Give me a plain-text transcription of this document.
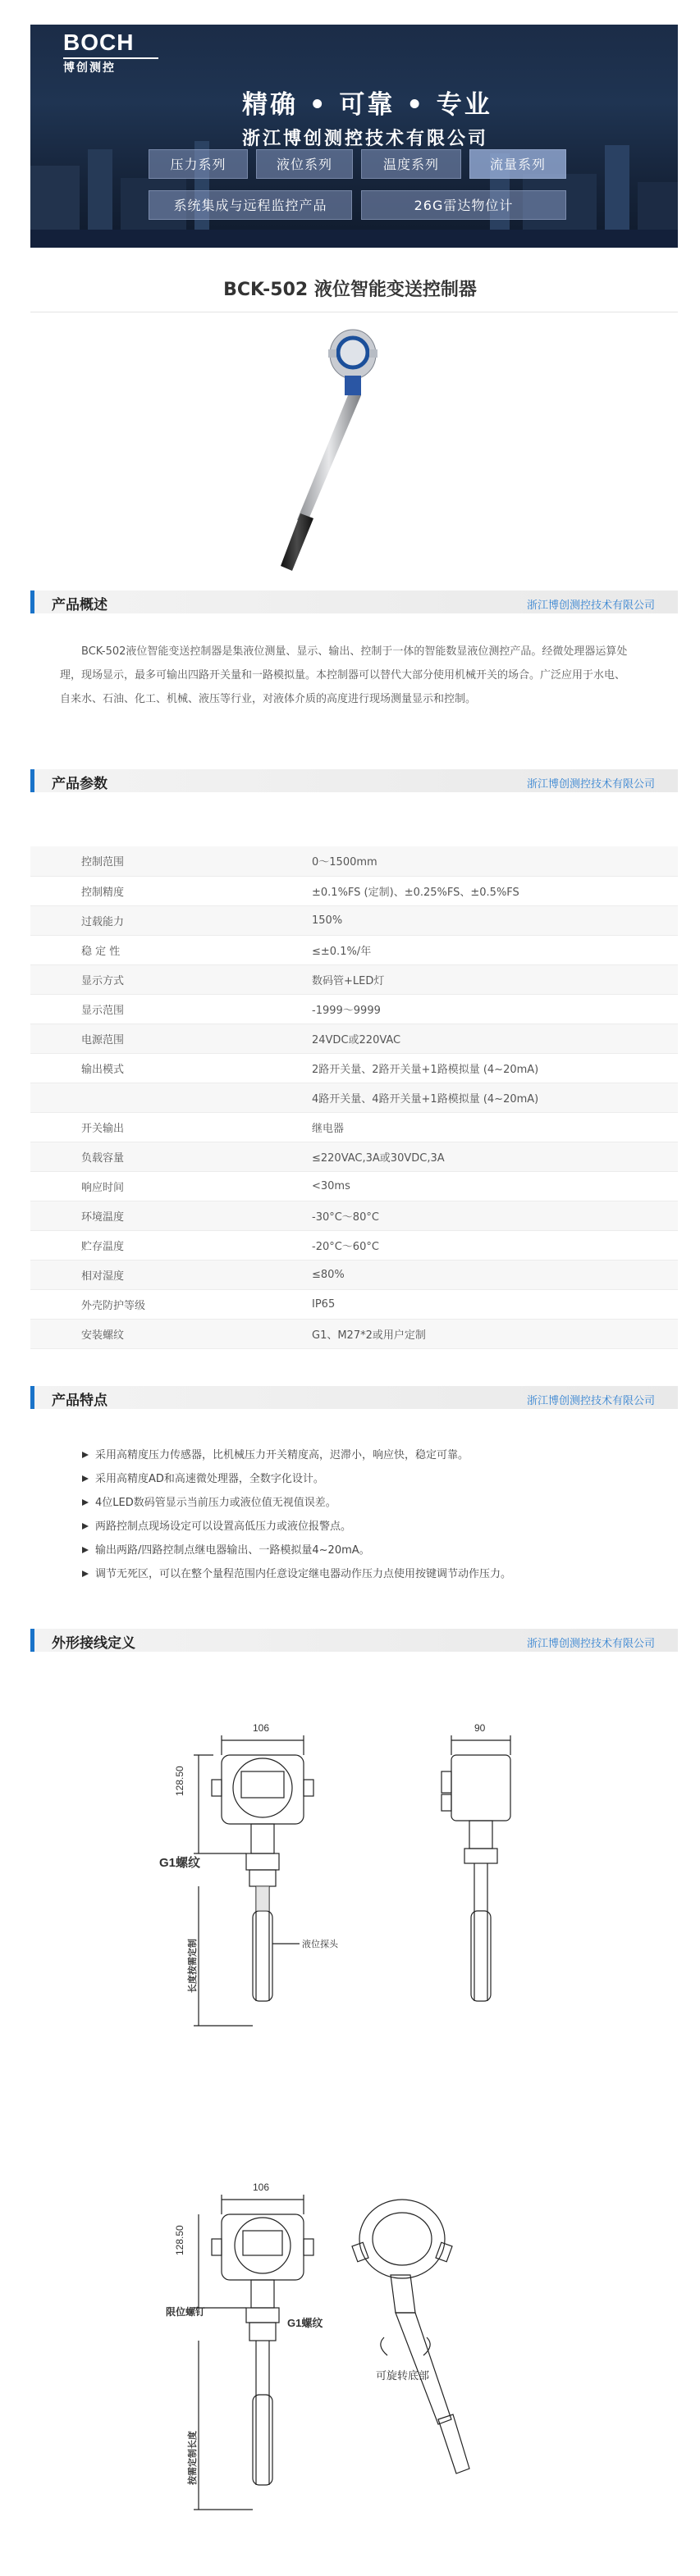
BOCH
博创测控
精确 • 可靠 • 专业
浙江博创测控技术有限公司
压力系列	液位系列	温度系列	流量系列
系统集成与远程监控产品	26G雷达物位计
BCK-502 液位智能变送控制器
产品概述	浙江博创测控技术有限公司
BCK-502液位智能变送控制器是集液位测量、显示、输出、控制于一体的智能数显液位测控产品。经微处理器运算处理，现场显示，最多可输出四路开关量和一路模拟量。本控制器可以替代大部分使用机械开关的场合。广泛应用于水电、自来水、石油、化工、机械、液压等行业，对液体介质的高度进行现场测量显示和控制。
产品参数	浙江博创测控技术有限公司
控制范围	0～1500mm
控制精度	±0.1%FS (定制)、±0.25%FS、±0.5%FS
过载能力	150%
稳 定 性	≤±0.1%/年
显示方式	数码管+LED灯
显示范围	-1999～9999
电源范围	24VDC或220VAC
输出模式	2路开关量、2路开关量+1路模拟量 (4~20mA)
	4路开关量、4路开关量+1路模拟量 (4~20mA)
开关输出	继电器
负载容量	≤220VAC,3A或30VDC,3A
响应时间	<30ms
环境温度	-30°C～80°C
贮存温度	-20°C～60°C
相对湿度	≤80%
外壳防护等级	IP65
安装螺纹	G1、M27*2或用户定制
产品特点	浙江博创测控技术有限公司
采用高精度压力传感器，比机械压力开关精度高，迟滞小，响应快，稳定可靠。
采用高精度AD和高速微处理器，全数字化设计。
4位LED数码管显示当前压力或液位值无视值误差。
两路控制点现场设定可以设置高低压力或液位报警点。
输出两路/四路控制点继电器输出、一路模拟量4~20mA。
调节无死区，可以在整个量程范围内任意设定继电器动作压力点使用按键调节动作压力。
外形接线定义	浙江博创测控技术有限公司
106	90
128.50
G1螺纹
液位探头
长度按需定制
106
128.50
限位螺钉
G1螺纹
可旋转底部
按需定制长度
